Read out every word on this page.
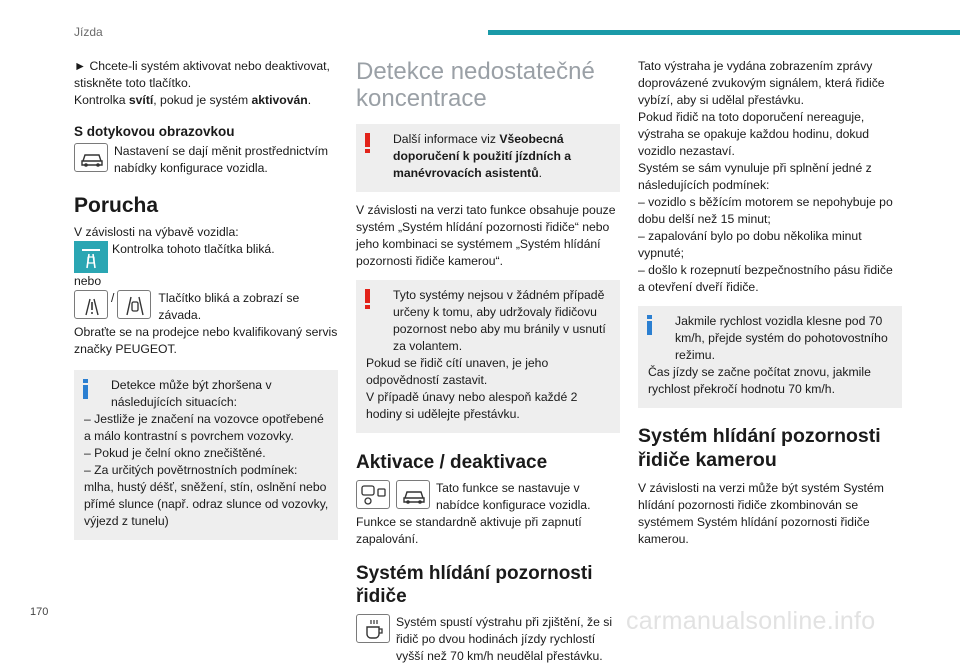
Jízda

► Chcete-li systém aktivovat nebo deaktivovat, stiskněte toto tlačítko.

Kontrolka svítí, pokud je systém aktivován.

S dotykovou obrazovkou

Nastavení se dají měnit prostřednictvím nabídky konfigurace vozidla.

Porucha

V závislosti na výbavě vozidla:

Kontrolka tohoto tlačítka bliká.

nebo

/	Tlačítko bliká a zobrazí se závada.

Obraťte se na prodejce nebo kvalifikovaný servis značky PEUGEOT.

Detekce může být zhoršena v následujících situacích:

– Jestliže je značení na vozovce opotřebené a málo kontrastní s povrchem vozovky.

– Pokud je čelní okno znečištěné.

– Za určitých povětrnostních podmínek: mlha, hustý déšť, sněžení, stín, oslnění nebo přímé slunce (např. odraz slunce od vozovky, výjezd z tunelu)

Detekce nedostatečné koncentrace

Další informace viz Všeobecná doporučení k použití jízdních a manévrovacích asistentů.

V závislosti na verzi tato funkce obsahuje pouze systém „Systém hlídání pozornosti řidiče“ nebo jeho kombinaci se systémem „Systém hlídání pozornosti řidiče kamerou“.

Tyto systémy nejsou v žádném případě určeny k tomu, aby udržovaly řidičovu pozornost nebo aby mu bránily v usnutí za volantem.

Pokud se řidič cítí unaven, je jeho odpovědností zastavit.

V případě únavy nebo alespoň každé 2 hodiny si udělejte přestávku.

Aktivace / deaktivace

Tato funkce se nastavuje v nabídce konfigurace vozidla.

Funkce se standardně aktivuje při zapnutí zapalování.

Systém hlídání pozornosti řidiče

Systém spustí výstrahu při zjištění, že si řidič po dvou hodinách jízdy rychlostí vyšší než 70 km/h neudělal přestávku.

Tato výstraha je vydána zobrazením zprávy doprovázené zvukovým signálem, která řidiče vybízí, aby si udělal přestávku.

Pokud řidič na toto doporučení nereaguje, výstraha se opakuje každou hodinu, dokud vozidlo nezastaví.

Systém se sám vynuluje při splnění jedné z následujících podmínek:

– vozidlo s běžícím motorem se nepohybuje po dobu delší než 15 minut;

– zapalování bylo po dobu několika minut vypnuté;

– došlo k rozepnutí bezpečnostního pásu řidiče a otevření dveří řidiče.

Jakmile rychlost vozidla klesne pod 70 km/h, přejde systém do pohotovostního režimu.

Čas jízdy se začne počítat znovu, jakmile rychlost překročí hodnotu 70 km/h.

Systém hlídání pozornosti řidiče kamerou

V závislosti na verzi může být systém Systém hlídání pozornosti řidiče zkombinován se systémem Systém hlídání pozornosti řidiče kamerou.

170	carmanualsonline.info
